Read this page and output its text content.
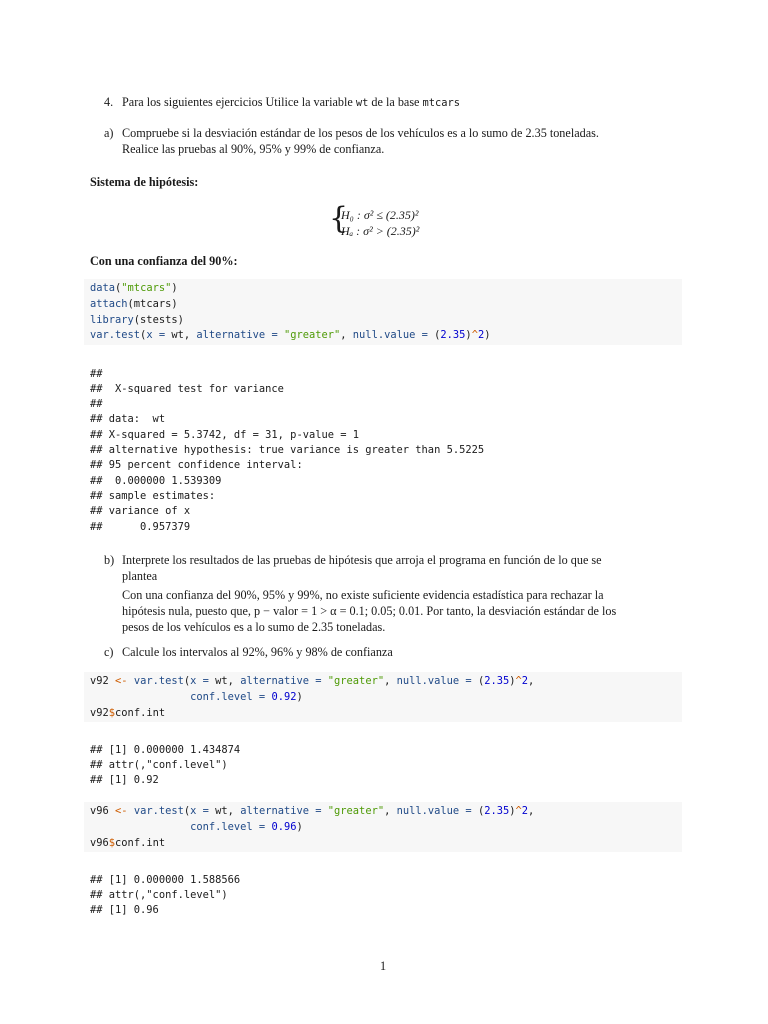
4. Para los siguientes ejercicios Utilice la variable wt de la base mtcars
a) Compruebe si la desviación estándar de los pesos de los vehículos es a lo sumo de 2.35 toneladas.
Realice las pruebas al 90%, 95% y 99% de confianza.
Sistema de hipótesis:
{
H₀ : σ² ≤ (2.35)²
Hₐ : σ² > (2.35)²
Con una confianza del 90%:
data("mtcars")
attach(mtcars)
library(stests)
var.test(x = wt, alternative = "greater", null.value = (2.35)^2)
##
##  X-squared test for variance
##
## data:  wt
## X-squared = 5.3742, df = 31, p-value = 1
## alternative hypothesis: true variance is greater than 5.5225
## 95 percent confidence interval:
##  0.000000 1.539309
## sample estimates:
## variance of x
##      0.957379
b) Interprete los resultados de las pruebas de hipótesis que arroja el programa en función de lo que se
plantea
Con una confianza del 90%, 95% y 99%, no existe suficiente evidencia estadística para rechazar la
hipótesis nula, puesto que, p − valor = 1 > α = 0.1; 0.05; 0.01. Por tanto, la desviación estándar de los
pesos de los vehículos es a lo sumo de 2.35 toneladas.
c) Calcule los intervalos al 92%, 96% y 98% de confianza
v92 <- var.test(x = wt, alternative = "greater", null.value = (2.35)^2,
conf.level = 0.92)
v92$conf.int
## [1] 0.000000 1.434874
## attr(,"conf.level")
## [1] 0.92
v96 <- var.test(x = wt, alternative = "greater", null.value = (2.35)^2,
conf.level = 0.96)
v96$conf.int
## [1] 0.000000 1.588566
## attr(,"conf.level")
## [1] 0.96
1
